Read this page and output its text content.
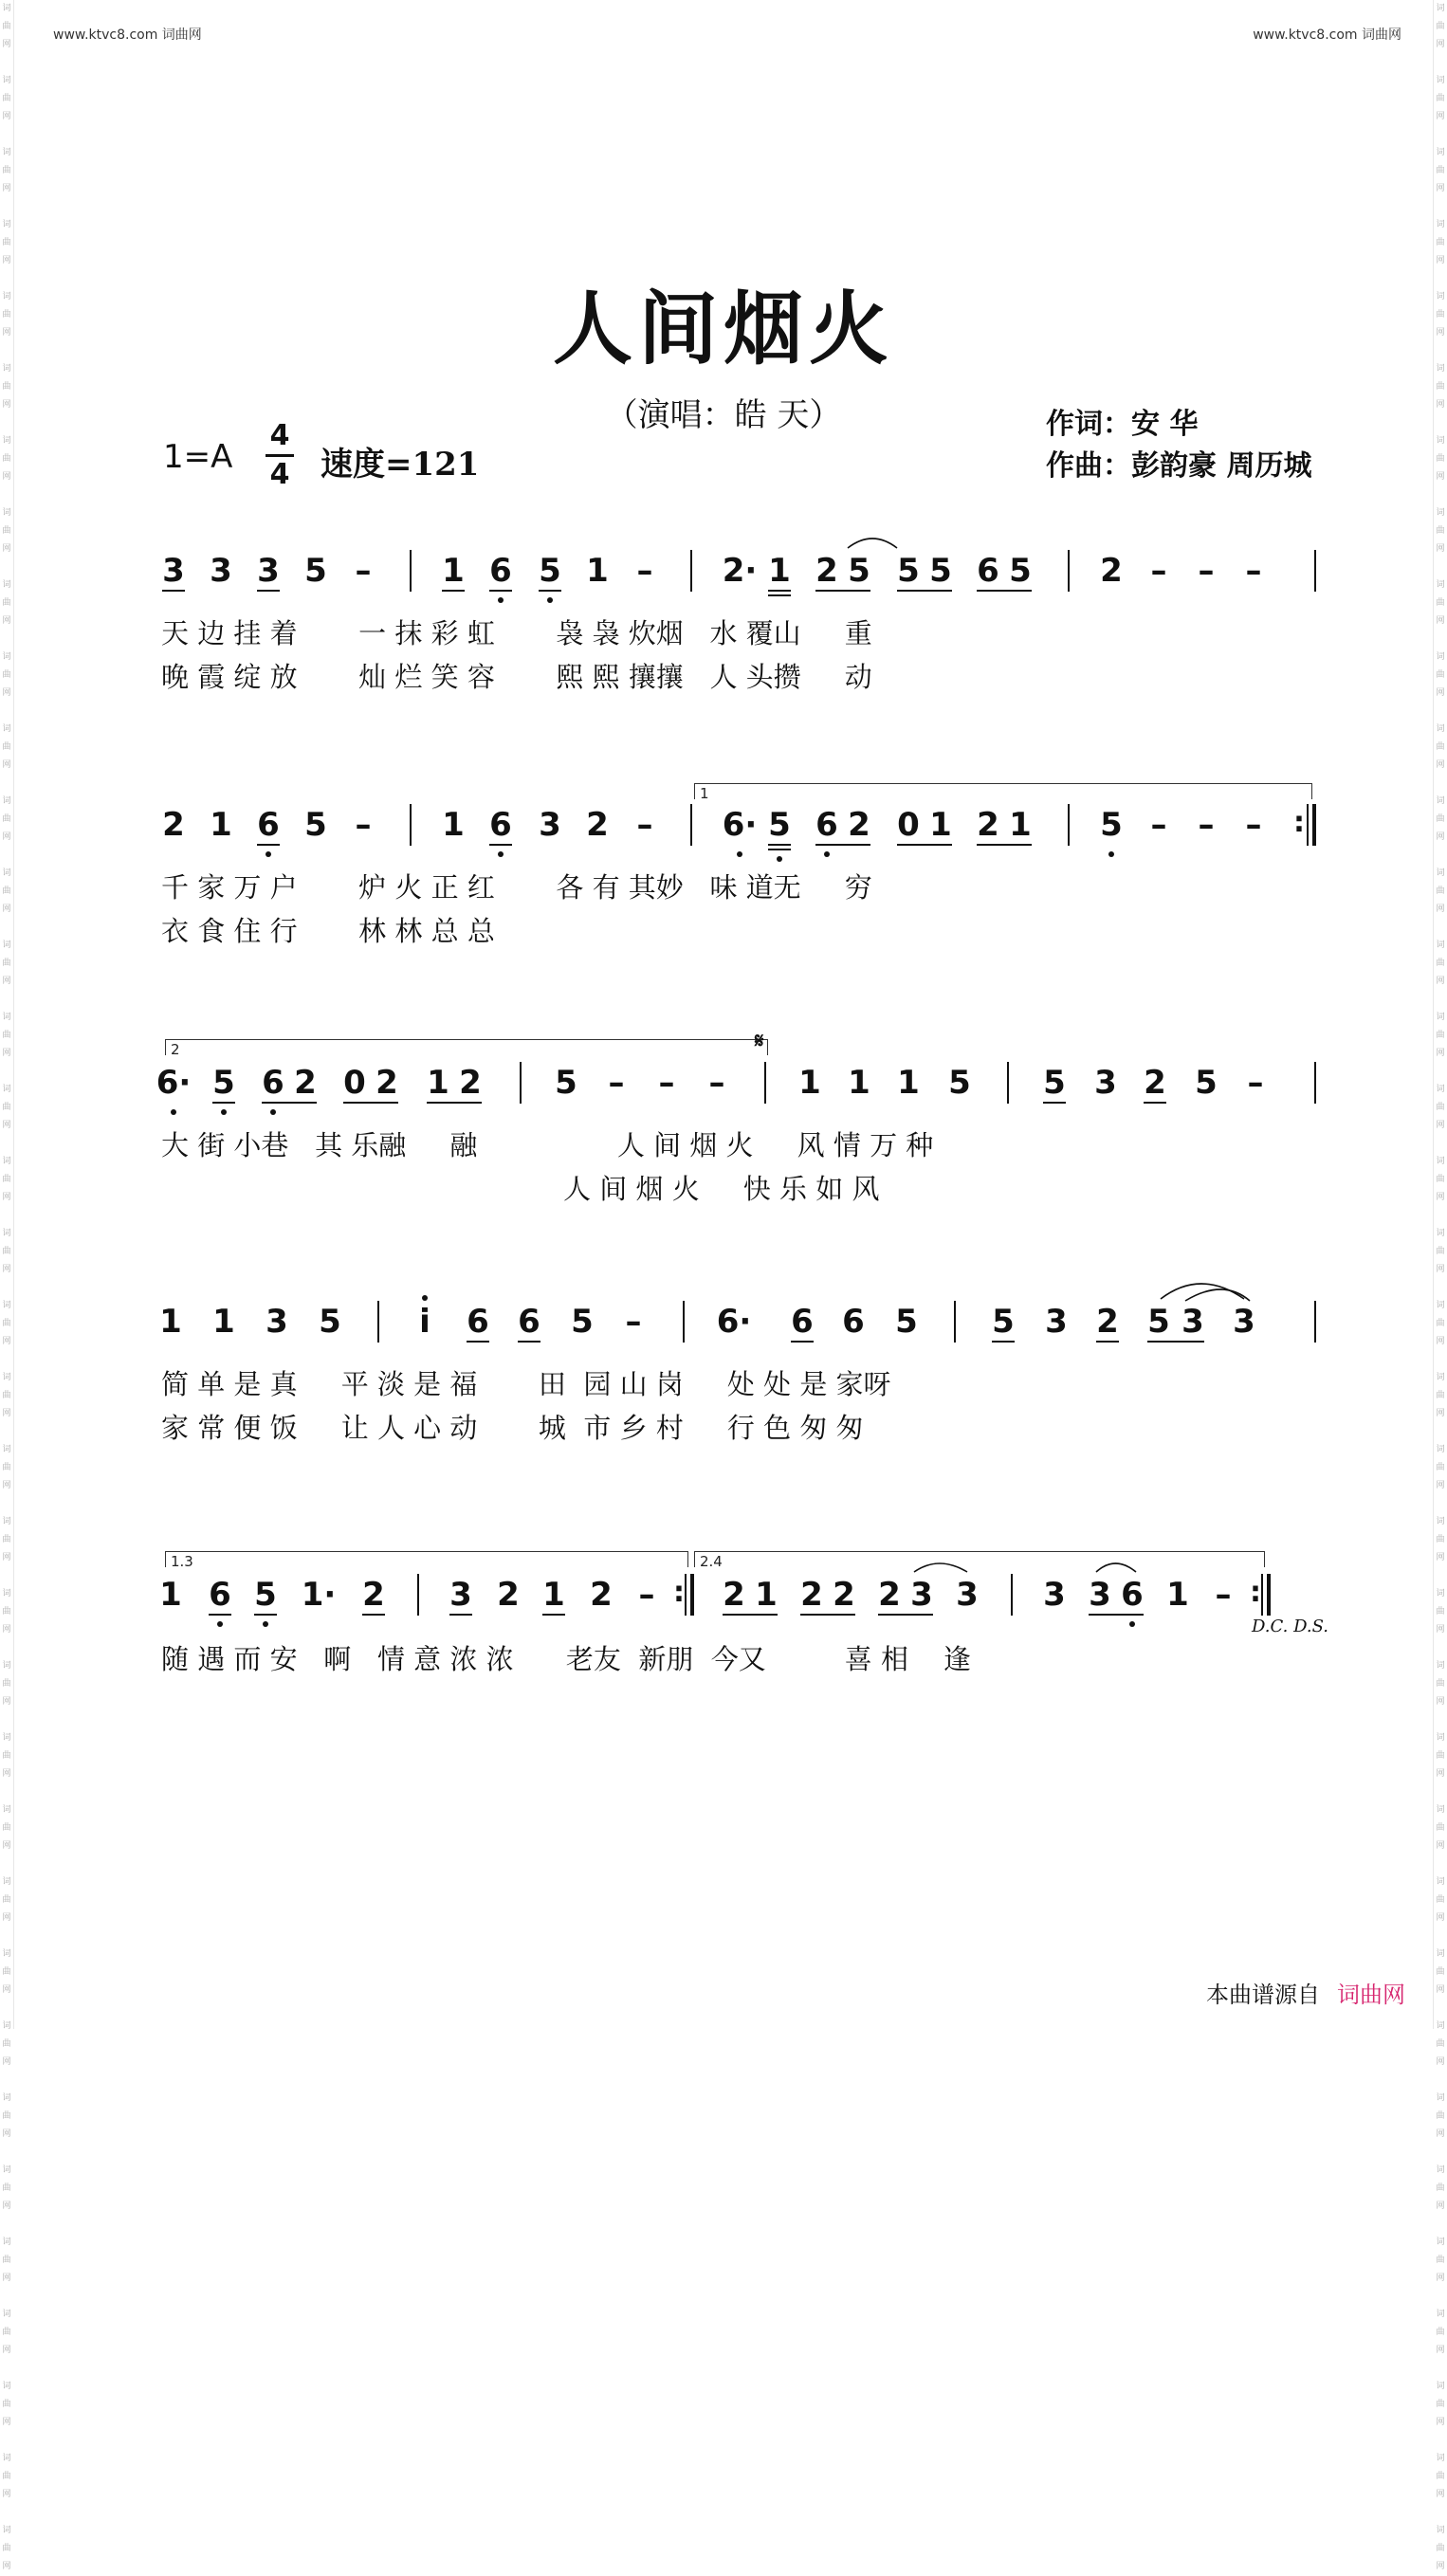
词
曲
网

词
曲
网

词
曲
网

词
曲
网

词
曲
网

词
曲
网

词
曲
网

词
曲
网

词
曲
网

词
曲
网

词
曲
网

词
曲
网

词
曲
网

词
曲
网

词
曲
网

词
曲
网

词
曲
网

词
曲
网

词
曲
网

词
曲
网

词
曲
网

词
曲
网

词
曲
网

词
曲
网

词
曲
网

词
曲
网

词
曲
网

词
曲
网

词
曲
网

词
曲
网

词
曲
网

词
曲
网

词
曲
网

词
曲
网

词
曲
网

词
曲
网

词
曲
网

词
曲
网

词
曲
网

词
曲
网

词
曲
网

词
曲
网

词
曲
网

词
曲
网

词
曲
网

词
曲
网

词
曲
网

词
曲
网

词
曲
网

词
曲
网

词
曲
网

词
曲
网

词
曲
网

词
曲
网

词
曲
网

词
曲
网

词
曲
网

词
曲
网

词
曲
网

词
曲
网

词
曲
网

词
曲
网

词
曲
网

词
曲
网

词
曲
网

词
曲
网

词
曲
网

词
曲
网

词
曲
网

词
曲
网

词
曲
网

词
曲
网

www.ktvc8.com 词曲网	www.ktvc8.com 词曲网
人间烟火
（演唱：皓 天）	作词：安 华
作曲：彭韵豪 周历城
1=A
4
4 速度=121
3 3 3 5 – 1 6 5 1 – 2· 1 2 5 5 5 6 5 2 – – –
天 边 挂 着       一 抹 彩 虹       袅 袅 炊烟   水 覆山     重
晚 霞 绽 放       灿 烂 笑 容       熙 熙 攘攘   人 头攒     动
2 1 6 5 – 1 6 3 2 –
1
6· 5 6 2 0 1 2 1 5 – – – :
千 家 万 户       炉 火 正 红       各 有 其妙   味 道无     穷
衣 食 住 行       林 林 总 总
2	𝄋
6· 5 6 2 0 2 1 2 5 – – – 1 1 1 5 5 3 2 5 –
大 街 小巷   其 乐融     融                人 间 烟 火     风 情 万 种
人 间 烟 火     快 乐 如 风
1 1 3 5 i 6 6 5 – 6· 6 6 5 5 3 2 5 3 3
简 单 是 真     平 淡 是 福       田  园 山 岗     处 处 是 家呀
家 常 便 饭     让 人 心 动       城  市 乡 村     行 色 匆 匆
1.3	2.4
1 6 5 1· 2 3 2 1 2 – : 2 1 2 2 2 3 3 3 3 6 1 – :
D.C. D.S.
随 遇 而 安   啊   情 意 浓 浓      老友  新朋  今又         喜 相    逢
本曲谱源自 词曲网
